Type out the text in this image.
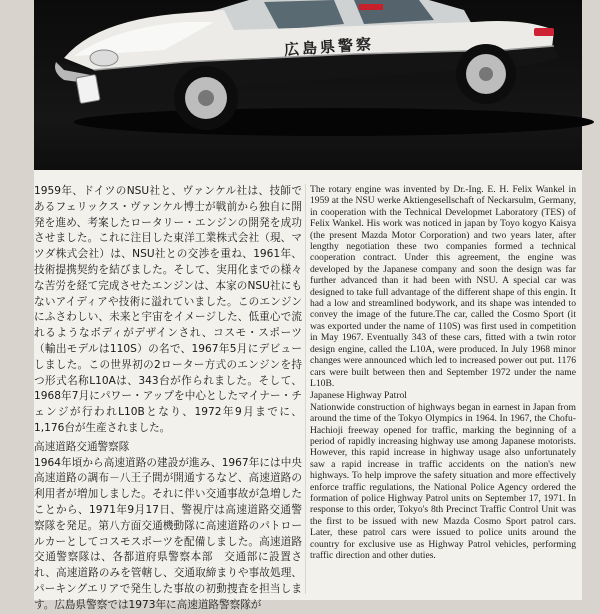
広島県警察

1959年、ドイツのNSU社と、ヴァンケル社は、技師であるフェリックス・ヴァンケル博士が戦前から独自に開発を進め、考案したロータリー・エンジンの開発を成功させました。これに注目した東洋工業株式会社（現、マツダ株式会社）は、NSU社との交渉を重ね、1961年、技術提携契約を結びました。そして、実用化までの様々な苦労を経て完成させたエンジンは、本家のNSU社にもないアイディアや技術に溢れていました。このエンジンにふさわしい、未来と宇宙をイメージした、低重心で流れるようなボディがデザインされ、コスモ・スポーツ（輸出モデルは110S）の名で、1967年5月にデビューしました。この世界初の2ローター方式のエンジンを持つ形式名称L10Aは、343台が作られました。そして、1968年7月にパワー・アップを中心としたマイナー・チェンジが行われL10Bとなり、1972年9月までに、1,176台が生産されました。

高速道路交通警察隊

1964年頃から高速道路の建設が進み、1967年には中央高速道路の調布－八王子間が開通するなど、高速道路の利用者が増加しました。それに伴い交通事故が急増したことから、1971年9月17日、警視庁は高速道路交通警察隊を発足。第八方面交通機動隊に高速道路のパトロールカーとしてコスモスポーツを配備しました。高速道路交通警察隊は、各都道府県警察本部　交通部に設置され、高速道路のみを管轄し、交通取締まりや事故処理、パーキングエリアで発生した事故の初動捜査を担当します。広島県警察では1973年に高速道路警察隊が

The rotary engine was invented by Dr.-Ing. E. H. Felix Wankel in 1959 at the NSU werke Aktiengesellschaft of Neckarsulm, Germany, in cooperation with the Technical Developmet Laboratory (TES) of Felix Wankel. His work was noticed in japan by Toyo kogyo Kaisya (the present Mazda Motor Corporation) and two years later, after lengthy negotiation these two companies formed a technical cooperation contract. Under this agreement, the engine was developed by the Japanese company and soon the design was far further advanced than it had been with NSU. A special car was designed to take full advantage of the different shape of this engin. It had a low and streamlined bodywork, and its shape was intended to convey the image of the future.The car, called the Cosmo Sport (it was exported under the name of 110S) was first used in competition in May 1967. Eventually 343 of these cars, fitted with a twin rotor design engine, called the L10A, were produced. In July 1968 minor changes were announced which led to increased power out put. 1176 cars were built between then and September 1972 under the name L10B.

Japanese Highway Patrol

Nationwide construction of highways began in earnest in Japan from around the time of the Tokyo Olympics in 1964. In 1967, the Chofu-Hachioji freeway opened for traffic, marking the beginning of a period of rapidly increasing highway use among Japanese motorists. However, this rapid increase in highway usage also unfortunately saw a rapid increase in traffic accidents on the nation's new highways. To help improve the safety situation and more effectively enforce traffic regulations, the National Police Agency ordered the formation of police Highway Patrol units on September 17, 1971. In response to this order, Tokyo's 8th Precinct Traffic Control Unit was the first to be issued with new Mazda Cosmo Sport patrol cars. Later, these patrol cars were issued to police units around the country for exclusive use as Highway Patrol vehicles, performing traffic direction and other duties.
